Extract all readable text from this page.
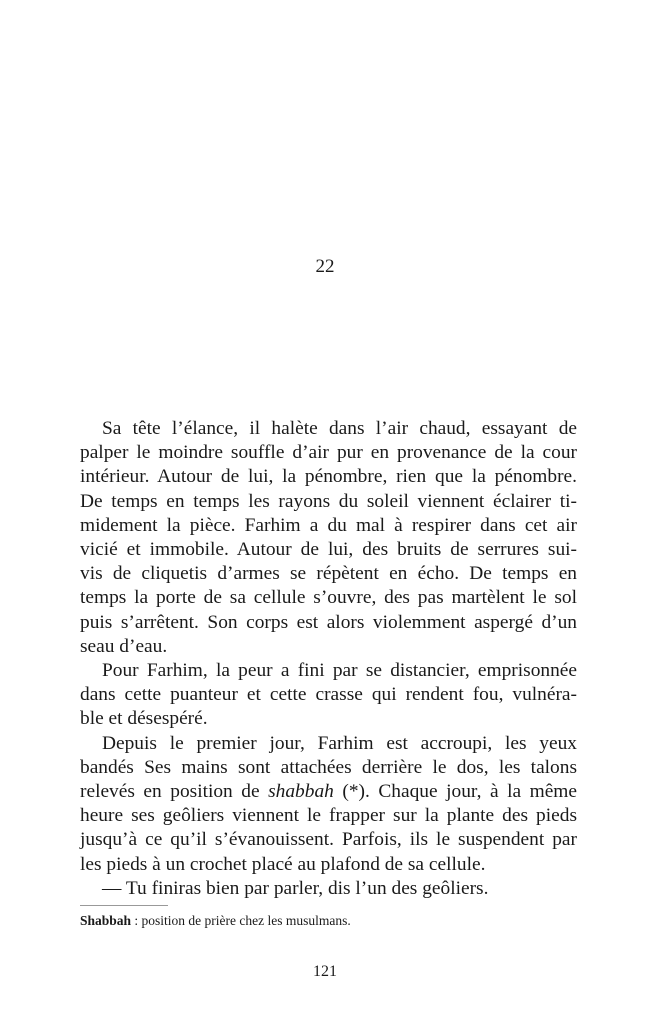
22
Sa tête l’élance, il halète dans l’air chaud, essayant de
palper le moindre souffle d’air pur en provenance de la cour
intérieur. Autour de lui, la pénombre, rien que la pénombre.
De temps en temps les rayons du soleil viennent éclairer ti-
midement la pièce. Farhim a du mal à respirer dans cet air
vicié et immobile. Autour de lui, des bruits de serrures sui-
vis de cliquetis d’armes se répètent en écho. De temps en
temps la porte de sa cellule s’ouvre, des pas martèlent le sol
puis s’arrêtent. Son corps est alors violemment aspergé d’un
seau d’eau.
Pour Farhim, la peur a fini par se distancier, emprisonnée
dans cette puanteur et cette crasse qui rendent fou, vulnéra-
ble et désespéré.
Depuis le premier jour, Farhim est accroupi, les yeux
bandés Ses mains sont attachées derrière le dos, les talons
relevés en position de shabbah (*). Chaque jour, à la même
heure ses geôliers viennent le frapper sur la plante des pieds
jusqu’à ce qu’il s’évanouissent. Parfois, ils le suspendent par
les pieds à un crochet placé au plafond de sa cellule.
— Tu finiras bien par parler, dis l’un des geôliers.
Shabbah : position de prière chez les musulmans.
121
